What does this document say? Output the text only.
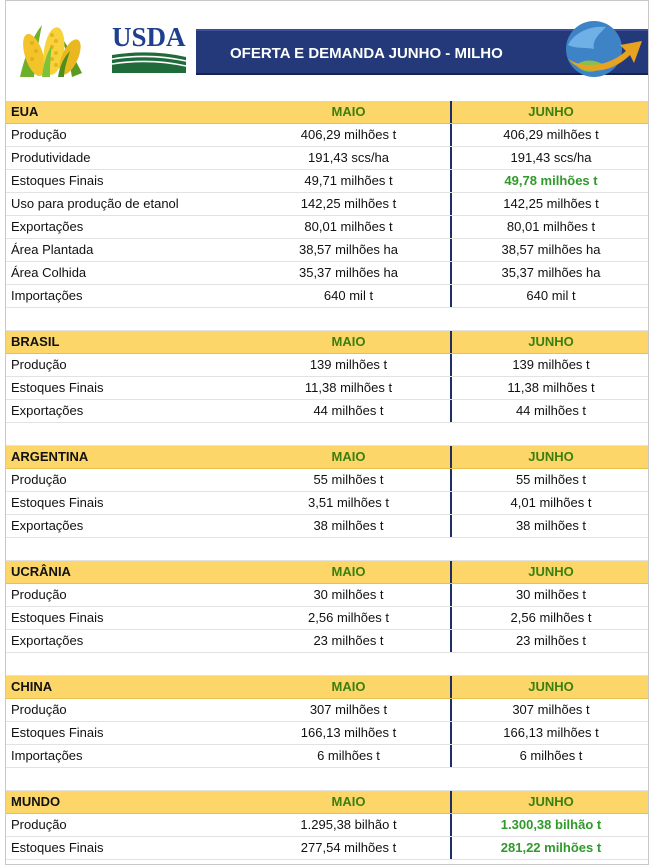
USDA
OFERTA E DEMANDA JUNHO - MILHO
EUA	MAIO	JUNHO
Produção	406,29 milhões t	406,29 milhões t
Produtividade	191,43 scs/ha	191,43 scs/ha
Estoques Finais	49,71 milhões t	49,78 milhões t
Uso para produção de etanol	142,25 milhões t	142,25 milhões t
Exportações	80,01 milhões t	80,01 milhões t
Área Plantada	38,57 milhões ha	38,57 milhões ha
Área Colhida	35,37 milhões ha	35,37 milhões ha
Importações	640 mil t	640 mil t
BRASIL	MAIO	JUNHO
Produção	139 milhões t	139 milhões t
Estoques Finais	11,38 milhões t	11,38 milhões t
Exportações	44 milhões t	44 milhões t
ARGENTINA	MAIO	JUNHO
Produção	55 milhões t	55 milhões t
Estoques Finais	3,51 milhões t	4,01 milhões t
Exportações	38 milhões t	38 milhões t
UCRÂNIA	MAIO	JUNHO
Produção	30 milhões t	30 milhões t
Estoques Finais	2,56 milhões t	2,56 milhões t
Exportações	23 milhões t	23 milhões t
CHINA	MAIO	JUNHO
Produção	307 milhões t	307 milhões t
Estoques Finais	166,13 milhões t	166,13 milhões t
Importações	6 milhões t	6 milhões t
MUNDO	MAIO	JUNHO
Produção	1.295,38 bilhão t	1.300,38 bilhão t
Estoques Finais	277,54 milhões t	281,22 milhões t
